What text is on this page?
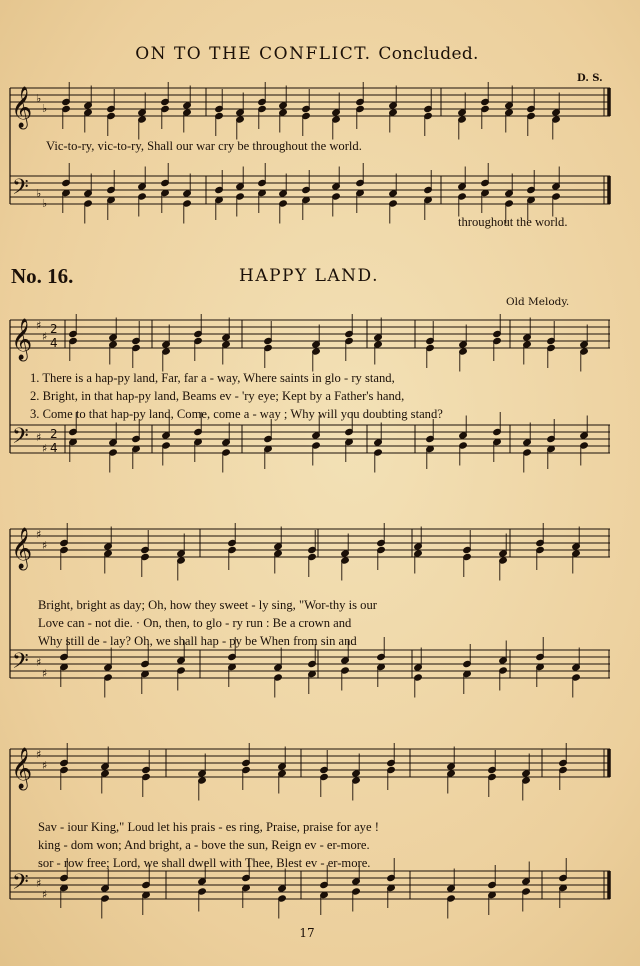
ON TO THE CONFLICT. Concluded.
D. S.
Vic-to-ry, vic-to-ry, Shall our war cry be throughout the world.
throughout the world.
No. 16.	HAPPY LAND.
Old Melody.
1. There is a hap-py land, Far, far a - way, Where saints in glo - ry stand,
2. Bright, in that hap-py land, Beams ev - 'ry eye; Kept by a Father's hand,
3. Come to that hap-py land, Come, come a - way ; Why will you doubting stand?
Bright, bright as day; Oh, how they sweet - ly sing, "Wor-thy is our
Love can - not die. · On, then, to glo - ry run : Be a crown and
Why still de - lay? Oh, we shall hap - py be When from sin and
Sav - iour King," Loud let his prais - es ring, Praise, praise for aye !
king - dom won; And bright, a - bove the sun, Reign ev - er-more.
sor - row free; Lord, we shall dwell with Thee, Blest ev - er-more.
17
𝄞
𝄢
♭
♭
♭
♭
𝄞
𝄢
♯
♯
♯
♯
2
4
2
4
𝄞
𝄢
♯
♯
♯
♯
𝄞
𝄢
♯
♯
♯
♯
